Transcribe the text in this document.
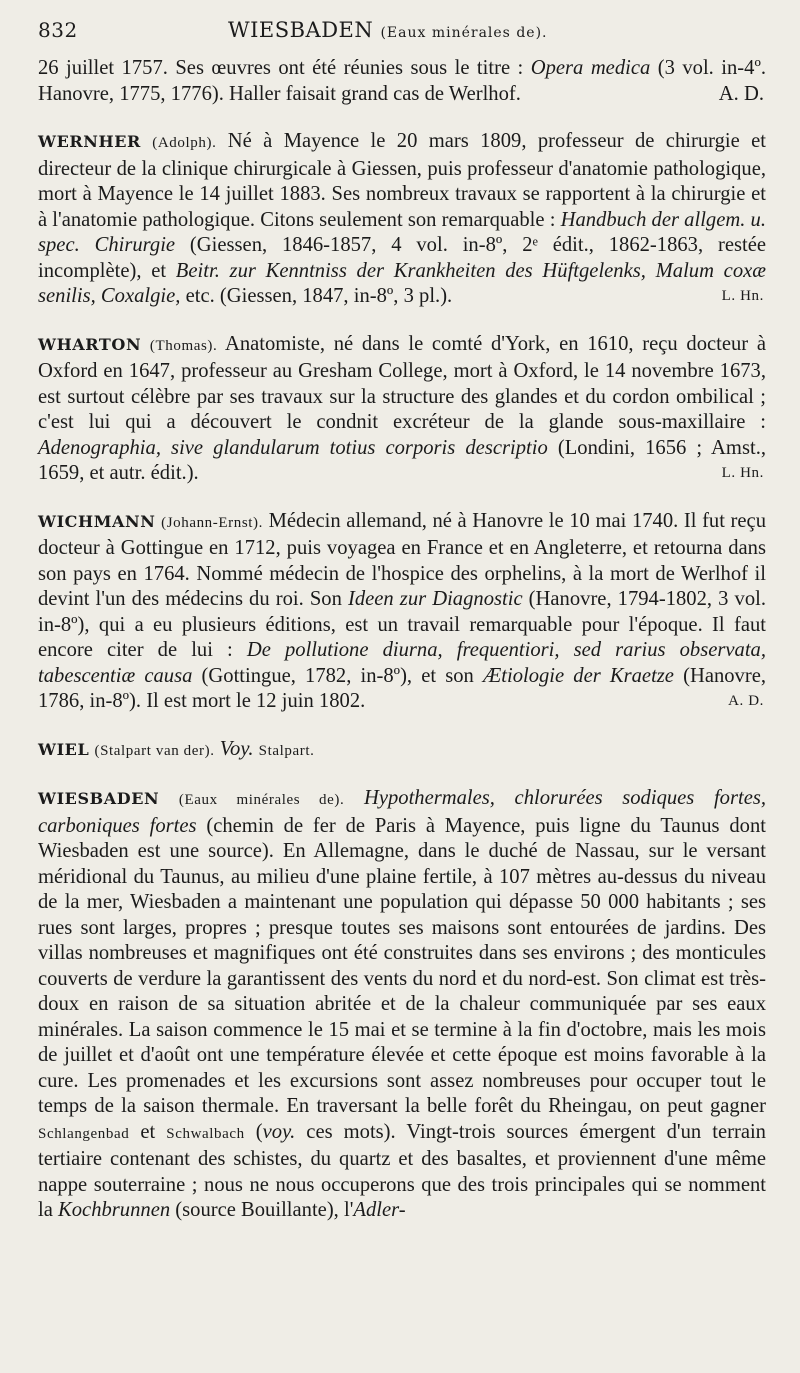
832	WIESBADEN (Eaux minérales de).

26 juillet 1757. Ses œuvres ont été réunies sous le titre : Opera medica (3 vol. in-4º. Hanovre, 1775, 1776). Haller faisait grand cas de Werlhof.	A. D.

WERNHER (Adolph). Né à Mayence le 20 mars 1809, professeur de chirurgie et directeur de la clinique chirurgicale à Giessen, puis professeur d'anatomie pathologique, mort à Mayence le 14 juillet 1883. Ses nombreux travaux se rapportent à la chirurgie et à l'anatomie pathologique. Citons seulement son remarquable : Handbuch der allgem. u. spec. Chirurgie (Giessen, 1846-1857, 4 vol. in-8º, 2ᵉ édit., 1862-1863, restée incomplète), et Beitr. zur Kenntniss der Krankheiten des Hüftgelenks, Malum coxæ senilis, Coxalgie, etc. (Giessen, 1847, in-8º, 3 pl.).	L. Hn.

WHARTON (Thomas). Anatomiste, né dans le comté d'York, en 1610, reçu docteur à Oxford en 1647, professeur au Gresham College, mort à Oxford, le 14 novembre 1673, est surtout célèbre par ses travaux sur la structure des glandes et du cordon ombilical ; c'est lui qui a découvert le condnit excréteur de la glande sous-maxillaire : Adenographia, sive glandularum totius corporis descriptio (Londini, 1656 ; Amst., 1659, et autr. édit.).	L. Hn.

WICHMANN (Johann-Ernst). Médecin allemand, né à Hanovre le 10 mai 1740. Il fut reçu docteur à Gottingue en 1712, puis voyagea en France et en Angleterre, et retourna dans son pays en 1764. Nommé médecin de l'hospice des orphelins, à la mort de Werlhof il devint l'un des médecins du roi. Son Ideen zur Diagnostic (Hanovre, 1794-1802, 3 vol. in-8º), qui a eu plusieurs éditions, est un travail remarquable pour l'époque. Il faut encore citer de lui : De pollutione diurna, frequentiori, sed rarius observata, tabescentiæ causa (Gottingue, 1782, in-8º), et son Ætiologie der Kraetze (Hanovre, 1786, in-8º). Il est mort le 12 juin 1802.	A. D.

WIEL (Stalpart van der). Voy. Stalpart.

WIESBADEN (Eaux minérales de). Hypothermales, chlorurées sodiques fortes, carboniques fortes (chemin de fer de Paris à Mayence, puis ligne du Taunus dont Wiesbaden est une source). En Allemagne, dans le duché de Nassau, sur le versant méridional du Taunus, au milieu d'une plaine fertile, à 107 mètres au-dessus du niveau de la mer, Wiesbaden a maintenant une population qui dépasse 50 000 habitants ; ses rues sont larges, propres ; presque toutes ses maisons sont entourées de jardins. Des villas nombreuses et magnifiques ont été construites dans ses environs ; des monticules couverts de verdure la garantissent des vents du nord et du nord-est. Son climat est très-doux en raison de sa situation abritée et de la chaleur communiquée par ses eaux minérales. La saison commence le 15 mai et se termine à la fin d'octobre, mais les mois de juillet et d'août ont une température élevée et cette époque est moins favorable à la cure. Les promenades et les excursions sont assez nombreuses pour occuper tout le temps de la saison thermale. En traversant la belle forêt du Rheingau, on peut gagner Schlangenbad et Schwalbach (voy. ces mots). Vingt-trois sources émergent d'un terrain tertiaire contenant des schistes, du quartz et des basaltes, et proviennent d'une même nappe souterraine ; nous ne nous occuperons que des trois principales qui se nomment la Kochbrunnen (source Bouillante), l'Adler-
